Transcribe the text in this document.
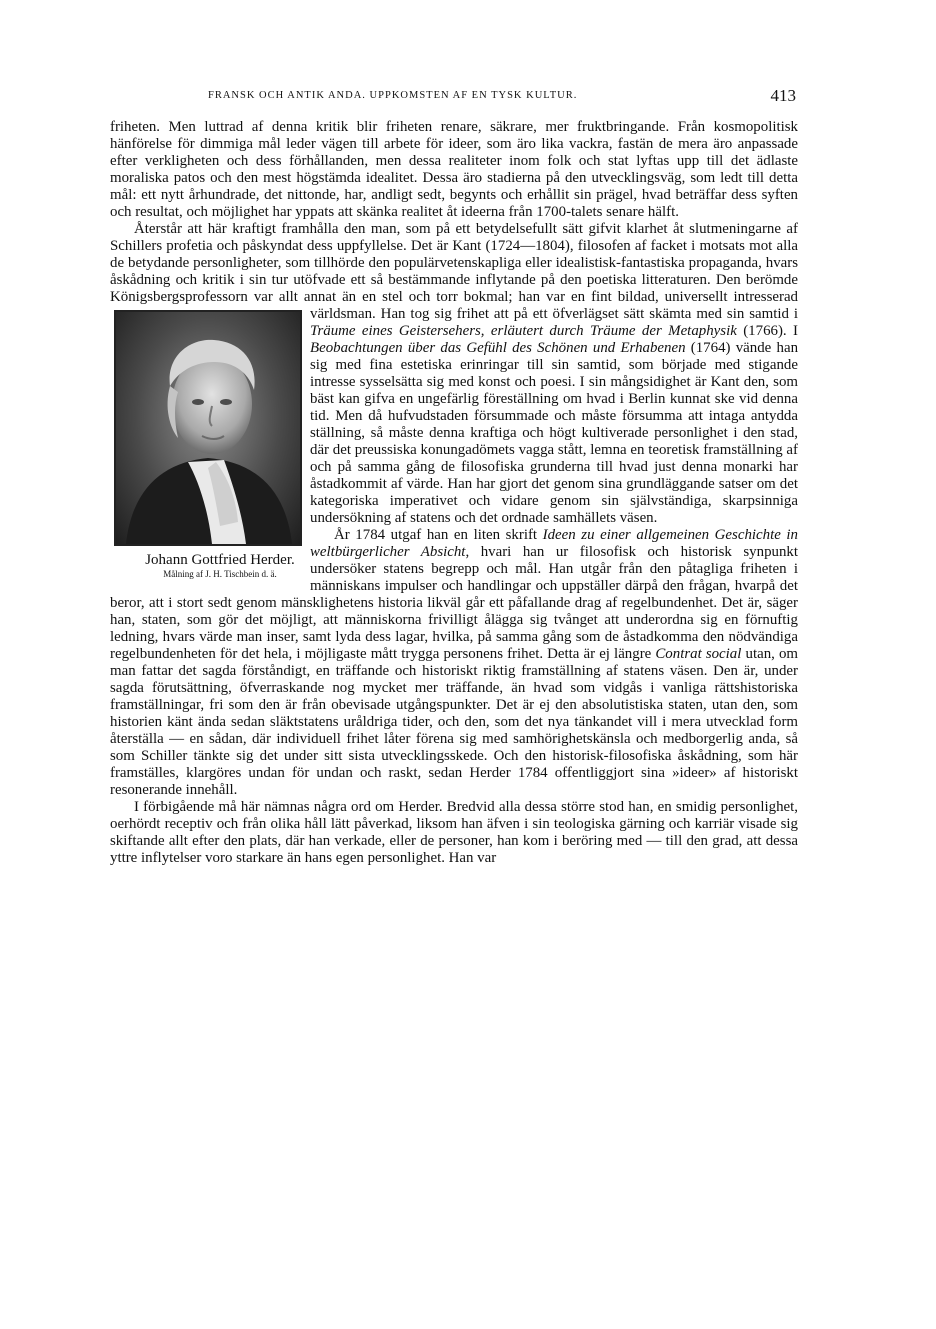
FRANSK OCH ANTIK ANDA. UPPKOMSTEN AF EN TYSK KULTUR.	413

friheten. Men luttrad af denna kritik blir friheten renare, säkrare, mer fruktbringande. Från kosmopolitisk hänförelse för dimmiga mål leder vägen till arbete för ideer, som äro lika vackra, fastän de mera äro anpassade efter verkligheten och dess förhållanden, men dessa realiteter inom folk och stat lyftas upp till det ädlaste moraliska patos och den mest högstämda idealitet. Dessa äro stadierna på den utvecklingsväg, som ledt till detta mål: ett nytt århundrade, det nittonde, har, andligt sedt, begynts och erhållit sin prägel, hvad beträffar dess syften och resultat, och möjlighet har yppats att skänka realitet åt ideerna från 1700-talets senare hälft.

Återstår att här kraftigt framhålla den man, som på ett betydelsefullt sätt gifvit klarhet åt slutmeningarne af Schillers profetia och påskyndat dess uppfyllelse. Det är Kant (1724—1804), filosofen af facket i motsats mot alla de betydande personligheter, som tillhörde den populärvetenskapliga eller idealistisk-fantastiska propaganda, hvars åskådning och kritik i sin tur utöfvade ett så bestämmande inflytande på den poetiska litteraturen. Den berömde Königsbergsprofessorn var allt annat än en stel och torr bokmal; han var en fint bildad, universellt intresserad världsman. Han tog sig frihet att på ett öfverlägset sätt skämta med sin samtid i
Johann Gottfried Herder.
Målning af J. H. Tischbein d. ä.
Träume eines Geistersehers, erläutert durch Träume der Metaphysik (1766). I Beobachtungen über das Gefühl des Schönen und Erhabenen (1764) vände han sig med fina estetiska erinringar till sin samtid, som började med stigande intresse sysselsätta sig med konst och poesi. I sin mångsidighet är Kant den, som bäst kan gifva en ungefärlig föreställning om hvad i Berlin kunnat ske vid denna tid. Men då hufvudstaden försummade och måste försumma att intaga antydda ställning, så måste denna kraftiga och högt kultiverade personlighet i den stad, där det preussiska konungadömets vagga stått, lemna en teoretisk framställning af och på samma gång de filosofiska grunderna till hvad just denna monarki har åstadkommit af värde. Han har gjort det genom sina grundläggande satser om det kategoriska imperativet och vidare genom sin självständiga, skarpsinniga undersökning af statens och det ordnade samhällets väsen.

År 1784 utgaf han en liten skrift Ideen zu einer allgemeinen Geschichte in weltbürgerlicher Absicht, hvari han ur filosofisk och historisk synpunkt undersöker statens begrepp och mål. Han utgår från den påtagliga friheten i människans impulser och handlingar och uppställer därpå den frågan, hvarpå det beror, att i stort sedt genom mänsklighetens historia likväl går ett påfallande drag af regelbundenhet. Det är, säger han, staten, som gör det möjligt, att människorna frivilligt ålägga sig tvånget att underordna sig en förnuftig ledning, hvars värde man inser, samt lyda dess lagar, hvilka, på samma gång som de åstadkomma den nödvändiga regelbundenheten för det hela, i möjligaste mått trygga personens frihet. Detta är ej längre Contrat social utan, om man fattar det sagda förståndigt, en träffande och historiskt riktig framställning af statens väsen. Den är, under sagda förutsättning, öfverraskande nog mycket mer träffande, än hvad som vidgås i vanliga rättshistoriska framställningar, fri som den är från obevisade utgångspunkter. Det är ej den absolutistiska staten, utan den, som historien känt ända sedan släktstatens uråldriga tider, och den, som det nya tänkandet vill i mera utvecklad form återställa — en sådan, där individuell frihet låter förena sig med samhörighetskänsla och medborgerlig anda, så som Schiller tänkte sig det under sitt sista utvecklingsskede. Och den historisk-filosofiska åskådning, som här framställes, klargöres undan för undan och raskt, sedan Herder 1784 offentliggjort sina »ideer» af historiskt resonerande innehåll.

I förbigående må här nämnas några ord om Herder. Bredvid alla dessa större stod han, en smidig personlighet, oerhördt receptiv och från olika håll lätt påverkad, liksom han äfven i sin teologiska gärning och karriär visade sig skiftande allt efter den plats, där han verkade, eller de personer, han kom i beröring med — till den grad, att dessa yttre inflytelser voro starkare än hans egen personlighet. Han var
